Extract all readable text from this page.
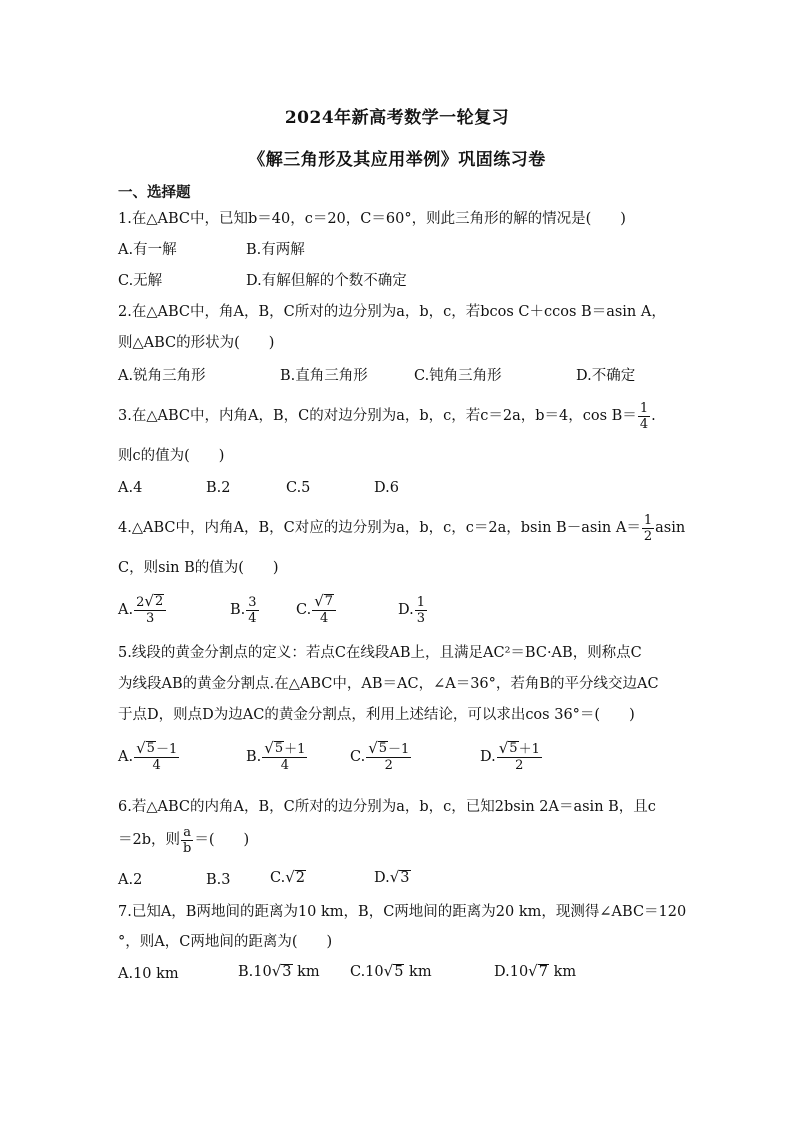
2024年新高考数学一轮复习
《解三角形及其应用举例》巩固练习卷
一、选择题
1.在△ABC中，已知b＝40，c＝20，C＝60°，则此三角形的解的情况是(　　)
A.有一解	B.有两解
C.无解	D.有解但解的个数不确定
2.在△ABC中，角A，B，C所对的边分别为a，b，c，若bcos C＋ccos B＝asin A，
则△ABC的形状为(　　)
A.锐角三角形	B.直角三角形	C.钝角三角形	D.不确定
3.在△ABC中，内角A，B，C的对边分别为a，b，c，若c＝2a，b＝4，$\cos B= \frac{1}{4}$ .
则c的值为(　　)
A.4	B.2	C.5	D.6
4.△ABC中，内角A，B，C对应的边分别为a，b，c，c＝2a，bsin B－asin $A= \frac{1}{2}$ asin
C，则sin B的值为(　　)
A. $\frac{2 √ 2}{3}$	B. $\frac{3}{4}$	C. $\frac{√ 7}{4}$	D. $\frac{1}{3}$
5.线段的黄金分割点的定义：若点C在线段AB上，且满足AC²＝BC·AB，则称点C
为线段AB的黄金分割点.在△ABC中，AB＝AC，∠A＝36°，若角B的平分线交边AC
于点D，则点D为边AC的黄金分割点，利用上述结论，可以求出cos 36°＝(　　)
A. $\frac{√ 5 -1}{4}$	B. $\frac{√ 5 +1}{4}$	C. $\frac{√ 5 -1}{2}$	D. $\frac{√ 5 +1}{2}$
6.若△ABC的内角A，B，C所对的边分别为a，b，c，已知2bsin 2A＝asin B，且c
＝2b，则 $\frac{a}{b}$ ＝(　　)
A.2	B.3	C. √ 2	D. √ 3
7.已知A，B两地间的距离为10 km，B，C两地间的距离为20 km，现测得∠ABC＝120
°，则A，C两地间的距离为(　　)
A.10 km	B.10 √ 3 km C.10 √ 5 km	D.10 √ 7 km
